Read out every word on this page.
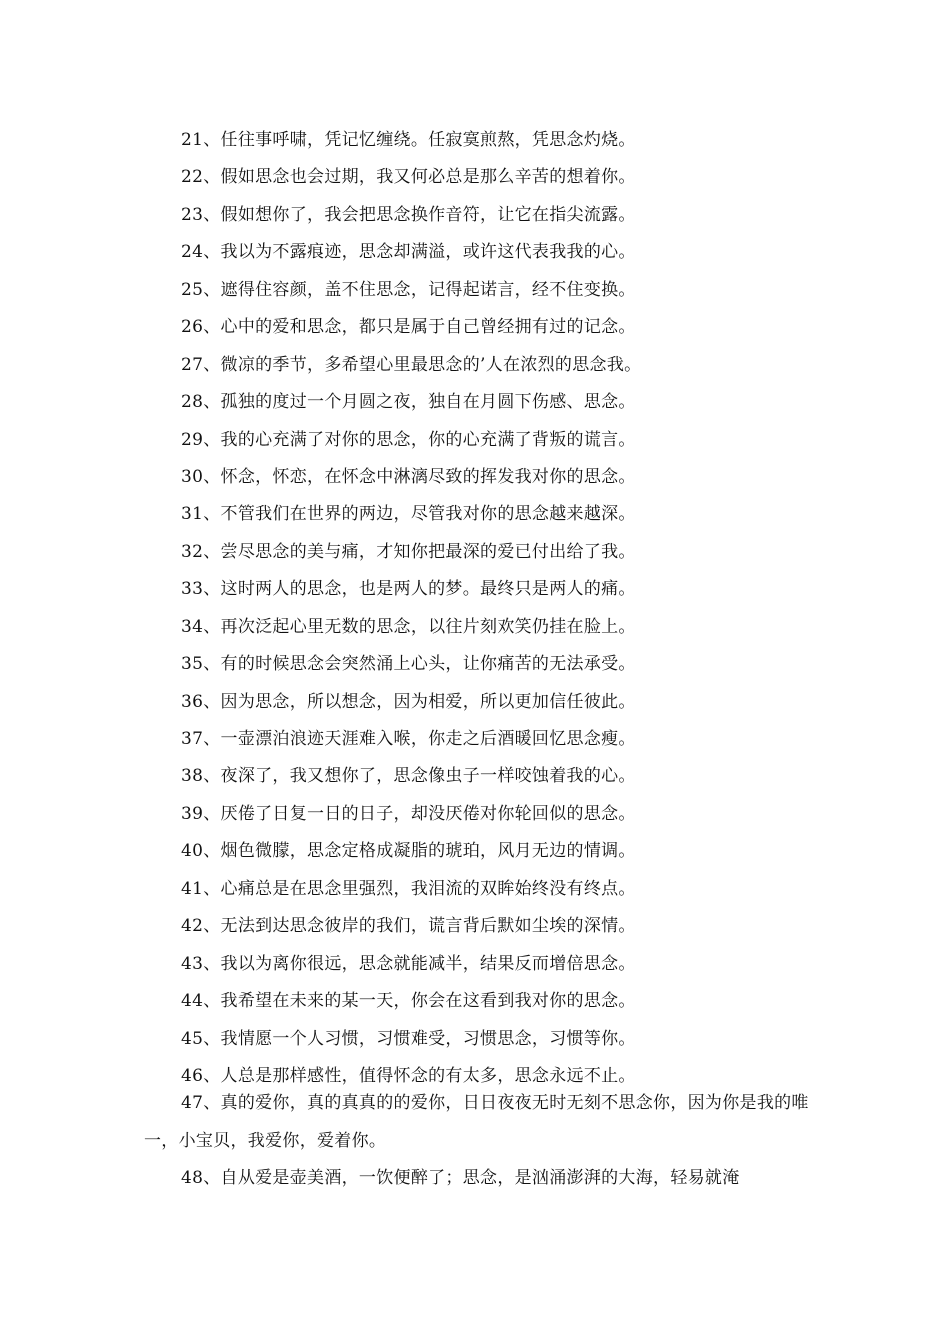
21、任往事呼啸，凭记忆缠绕。任寂寞煎熬，凭思念灼烧。
22、假如思念也会过期，我又何必总是那么辛苦的想着你。
23、假如想你了，我会把思念换作音符，让它在指尖流露。
24、我以为不露痕迹，思念却满溢，或许这代表我我的心。
25、遮得住容颜，盖不住思念，记得起诺言，经不住变换。
26、心中的爱和思念，都只是属于自己曾经拥有过的记念。
27、微凉的季节，多希望心里最思念的’人在浓烈的思念我。
28、孤独的度过一个月圆之夜，独自在月圆下伤感、思念。
29、我的心充满了对你的思念，你的心充满了背叛的谎言。
30、怀念，怀恋，在怀念中淋漓尽致的挥发我对你的思念。
31、不管我们在世界的两边，尽管我对你的思念越来越深。
32、尝尽思念的美与痛，才知你把最深的爱已付出给了我。
33、这时两人的思念，也是两人的梦。最终只是两人的痛。
34、再次泛起心里无数的思念，以往片刻欢笑仍挂在脸上。
35、有的时候思念会突然涌上心头，让你痛苦的无法承受。
36、因为思念，所以想念，因为相爱，所以更加信任彼此。
37、一壶漂泊浪迹天涯难入喉，你走之后酒暖回忆思念瘦。
38、夜深了，我又想你了，思念像虫子一样咬蚀着我的心。
39、厌倦了日复一日的日子，却没厌倦对你轮回似的思念。
40、烟色微朦，思念定格成凝脂的琥珀，风月无边的情调。
41、心痛总是在思念里强烈，我泪流的双眸始终没有终点。
42、无法到达思念彼岸的我们，谎言背后默如尘埃的深情。
43、我以为离你很远，思念就能减半，结果反而增倍思念。
44、我希望在未来的某一天，你会在这看到我对你的思念。
45、我情愿一个人习惯，习惯难受，习惯思念，习惯等你。
46、人总是那样感性，值得怀念的有太多，思念永远不止。

47、真的爱你，真的真真的的爱你，日日夜夜无时无刻不思念你，因为你是我的唯一，小宝贝，我爱你，爱着你。

48、自从爱是壶美酒，一饮便醉了；思念，是汹涌澎湃的大海，轻易就淹
